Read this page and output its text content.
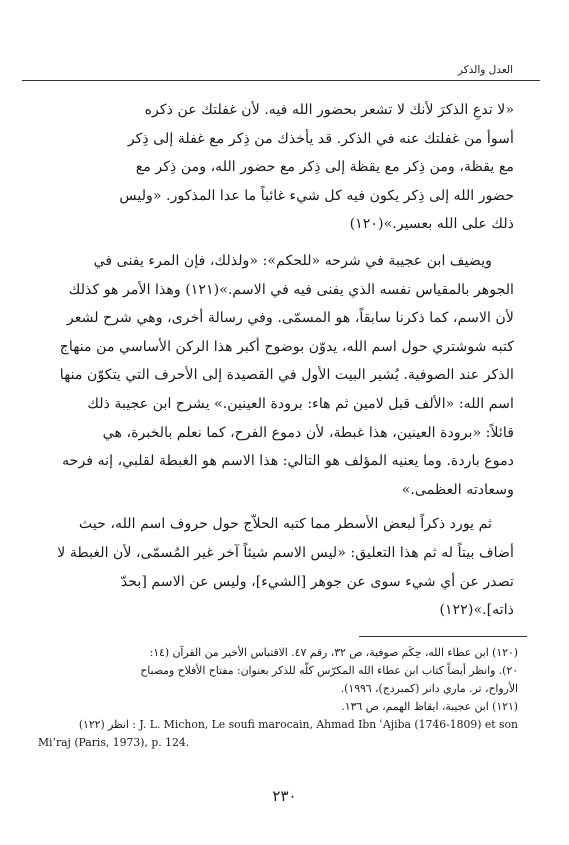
العدل والذكر
«لا تدعِ الذكرَ لأنك لا تشعر بحضور الله فيه. لأن غفلتك عن ذكره
أسوأ من غفلتك عنه في الذكر. قد يأخذك من ذِكر مع غفلة إلى ذِكر
مع يقظة، ومن ذِكر مع يقظة إلى ذِكر مع حضور الله، ومن ذِكر مع
حضور الله إلى ذِكر يكون فيه كل شيء غائباً ما عدا المذكور. «وليس
ذلك على الله بعسير.»(١٢٠)
ويضيف ابن عجيبة في شرحه «للحكم»: «ولذلك، فإن المرء يفنى في
الجوهر بالمقياس نفسه الذي يفنى فيه في الاسم.»(١٢١) وهذا الأمر هو كذلك
لأن الاسم، كما ذكرنا سابقاً، هو المسمّى. وفي رسالة أخرى، وهي شرح لشعر
كتبه شوشتري حول اسم الله، يدوّن بوضوح أكبر هذا الركن الأساسي من منهاج
الذكر عند الصوفية. يُشير البيت الأول في القصيدة إلى الأحرف التي يتكوّن منها
اسم الله: «الألف قبل لامين ثم هاء: برودة العينين.» يشرح ابن عجيبة ذلك
قائلاً: «برودة العينين، هذا غبطة، لأن دموع الفرح، كما نعلم بالخبرة، هي
دموع باردة. وما يعنيه المؤلف هو التالي: هذا الاسم هو الغبطة لقلبي، إنه فرحه
وسعادته العظمى.»
ثم يورد ذكراً لبعض الأسطر مما كتبه الحلاّج حول حروف اسم الله، حيث
أضاف بيتاً له ثم هذا التعليق: «ليس الاسم شيئاً آخر غير المُسمّى، لأن الغبطة لا
تصدر عن أي شيء سوى عن جوهر [الشيء]، وليس عن الاسم [بحدّ
ذاته].»(١٢٢)
(١٢٠) ابن عطاء الله، حِكَم صوفية، ص ٣٢، رقم ٤٧. الاقتباس الأخير من القرآن (١٤:
٢٠). وانظر أيضاً كتاب ابن عطاء الله المكرّس كلّه للذكر بعنوان: مفتاح الأفلاح ومصباح
الأرواح، تر. ماري دانر (كمبردج)، ١٩٩٦).
(١٢١) ابن عجيبة، ايقاظ الهمم، ص ١٣٦.
J. L. Michon, Le soufi marocain, Ahmad Ibn ʿAjiba (1746-1809) et son : انظر (١٢٢)
Mi’raj (Paris, 1973), p. 124.
٢٣٠
